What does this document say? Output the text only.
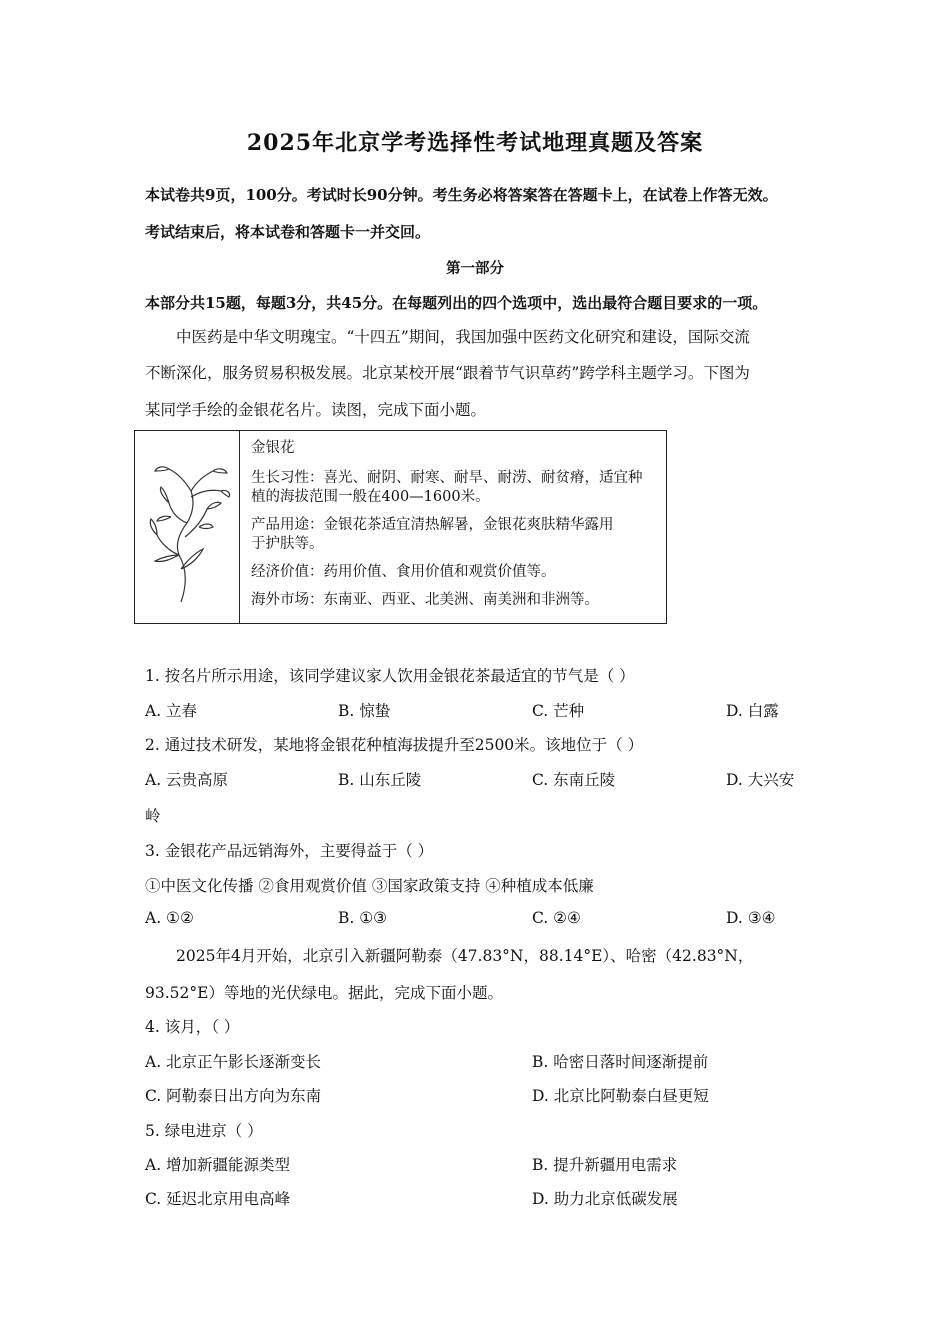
2025年北京学考选择性考试地理真题及答案
本试卷共9页，100分。考试时长90分钟。考生务必将答案答在答题卡上，在试卷上作答无效。
考试结束后，将本试卷和答题卡一并交回。
第一部分
本部分共15题，每题3分，共45分。在每题列出的四个选项中，选出最符合题目要求的一项。
中医药是中华文明瑰宝。“十四五”期间，我国加强中医药文化研究和建设，国际交流
不断深化，服务贸易积极发展。北京某校开展“跟着节气识草药”跨学科主题学习。下图为
某同学手绘的金银花名片。读图，完成下面小题。
金银花
生长习性：喜光、耐阴、耐寒、耐旱、耐涝、耐贫瘠，适宜种
植的海拔范围一般在400—1600米。
产品用途：金银花茶适宜清热解暑，金银花爽肤精华露用
于护肤等。
经济价值：药用价值、食用价值和观赏价值等。
海外市场：东南亚、西亚、北美洲、南美洲和非洲等。
1. 按名片所示用途，该同学建议家人饮用金银花茶最适宜的节气是（ ）
A. 立春	B. 惊蛰	C. 芒种	D. 白露
2. 通过技术研发，某地将金银花种植海拔提升至2500米。该地位于（ ）
A. 云贵高原	B. 山东丘陵	C. 东南丘陵	D. 大兴安
岭
3. 金银花产品远销海外，主要得益于（ ）
①中医文化传播 ②食用观赏价值 ③国家政策支持 ④种植成本低廉
A. ①②	B. ①③	C. ②④	D. ③④
2025年4月开始，北京引入新疆阿勒泰（47.83°N，88.14°E）、哈密（42.83°N，
93.52°E）等地的光伏绿电。据此，完成下面小题。
4. 该月，（ ）
A. 北京正午影长逐渐变长	B. 哈密日落时间逐渐提前
C. 阿勒泰日出方向为东南	D. 北京比阿勒泰白昼更短
5. 绿电进京（ ）
A. 增加新疆能源类型	B. 提升新疆用电需求
C. 延迟北京用电高峰	D. 助力北京低碳发展
